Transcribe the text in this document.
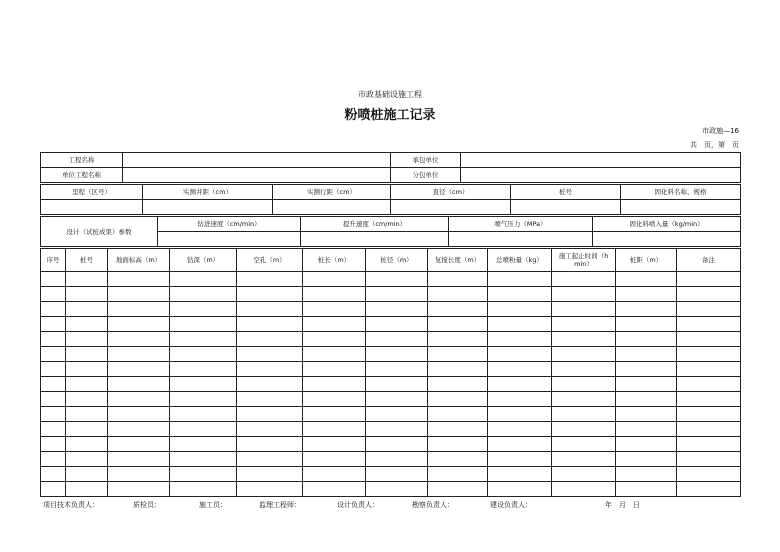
市政基础设施工程
粉喷桩施工记录
市政施—16
共　页，第　页
工程名称		承包单位	
单位工程名称		分包单位	
里程（区号）	实测井距（cm）	实测行距（cm）	直径（cm）	桩号	固化料名称、规格

设计（试桩成果）参数	钻进速度（cm/min）	提升速度（cm/min）	喷气压力（MPa）	固化料喷入量（kg/min）

序号	桩号	地面标高（m）	钻深（m）	空孔（m）	桩长（m）	桩径（m）	复搅长度（m）	总喷粉量（kg）	施工起止时间（h　min）	桩距（m）	备注

项目技术负责人：	质检员：	施工员：	监理工程师：	设计负责人：	勘察负责人：	建设负责人：	年　月　日
